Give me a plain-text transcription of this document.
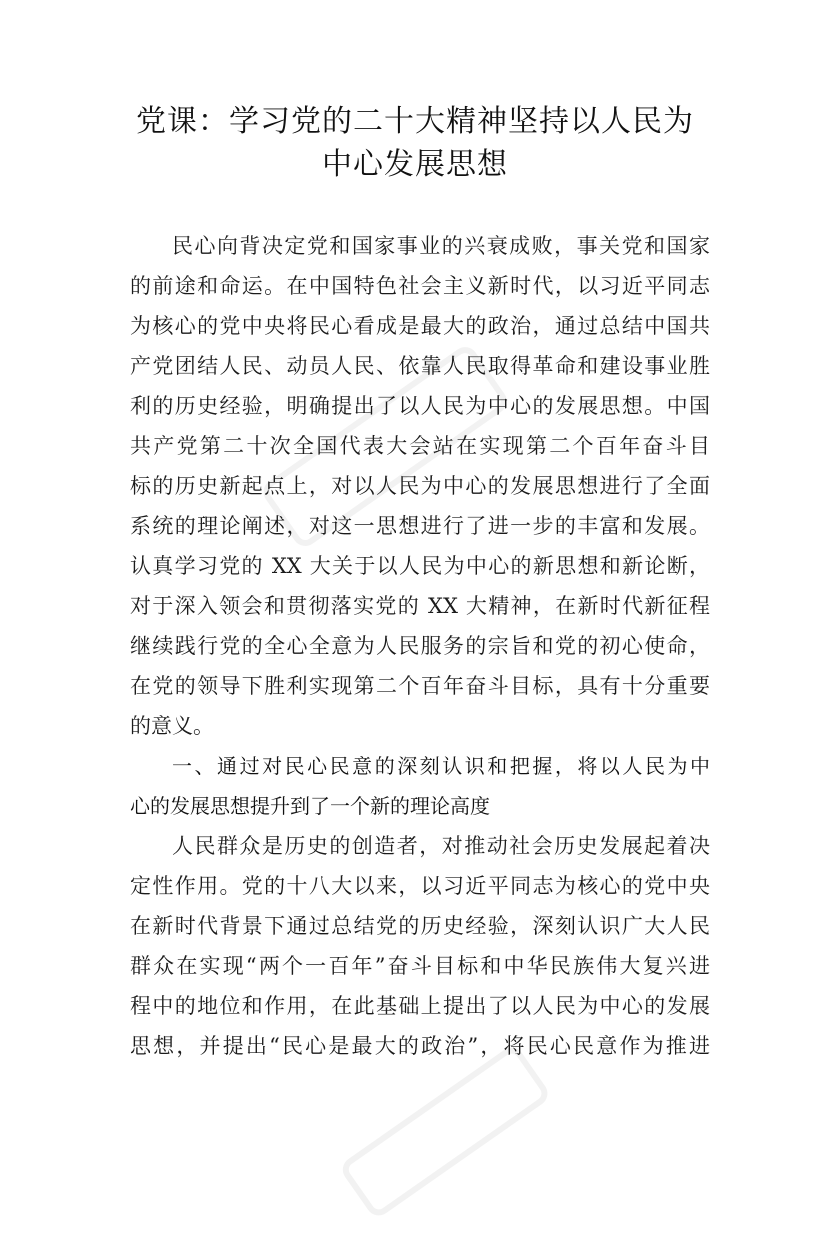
党课：学习党的二十大精神坚持以人民为
中心发展思想
民心向背决定党和国家事业的兴衰成败，事关党和国家
的前途和命运。在中国特色社会主义新时代，以习近平同志
为核心的党中央将民心看成是最大的政治，通过总结中国共
产党团结人民、动员人民、依靠人民取得革命和建设事业胜
利的历史经验，明确提出了以人民为中心的发展思想。中国
共产党第二十次全国代表大会站在实现第二个百年奋斗目
标的历史新起点上，对以人民为中心的发展思想进行了全面
系统的理论阐述，对这一思想进行了进一步的丰富和发展。
认真学习党的 XX 大关于以人民为中心的新思想和新论断，
对于深入领会和贯彻落实党的 XX 大精神，在新时代新征程
继续践行党的全心全意为人民服务的宗旨和党的初心使命，
在党的领导下胜利实现第二个百年奋斗目标，具有十分重要
的意义。
一、通过对民心民意的深刻认识和把握，将以人民为中
心的发展思想提升到了一个新的理论高度
人民群众是历史的创造者，对推动社会历史发展起着决
定性作用。党的十八大以来，以习近平同志为核心的党中央
在新时代背景下通过总结党的历史经验，深刻认识广大人民
群众在实现“两个一百年”奋斗目标和中华民族伟大复兴进
程中的地位和作用，在此基础上提出了以人民为中心的发展
思想，并提出“民心是最大的政治”，将民心民意作为推进
